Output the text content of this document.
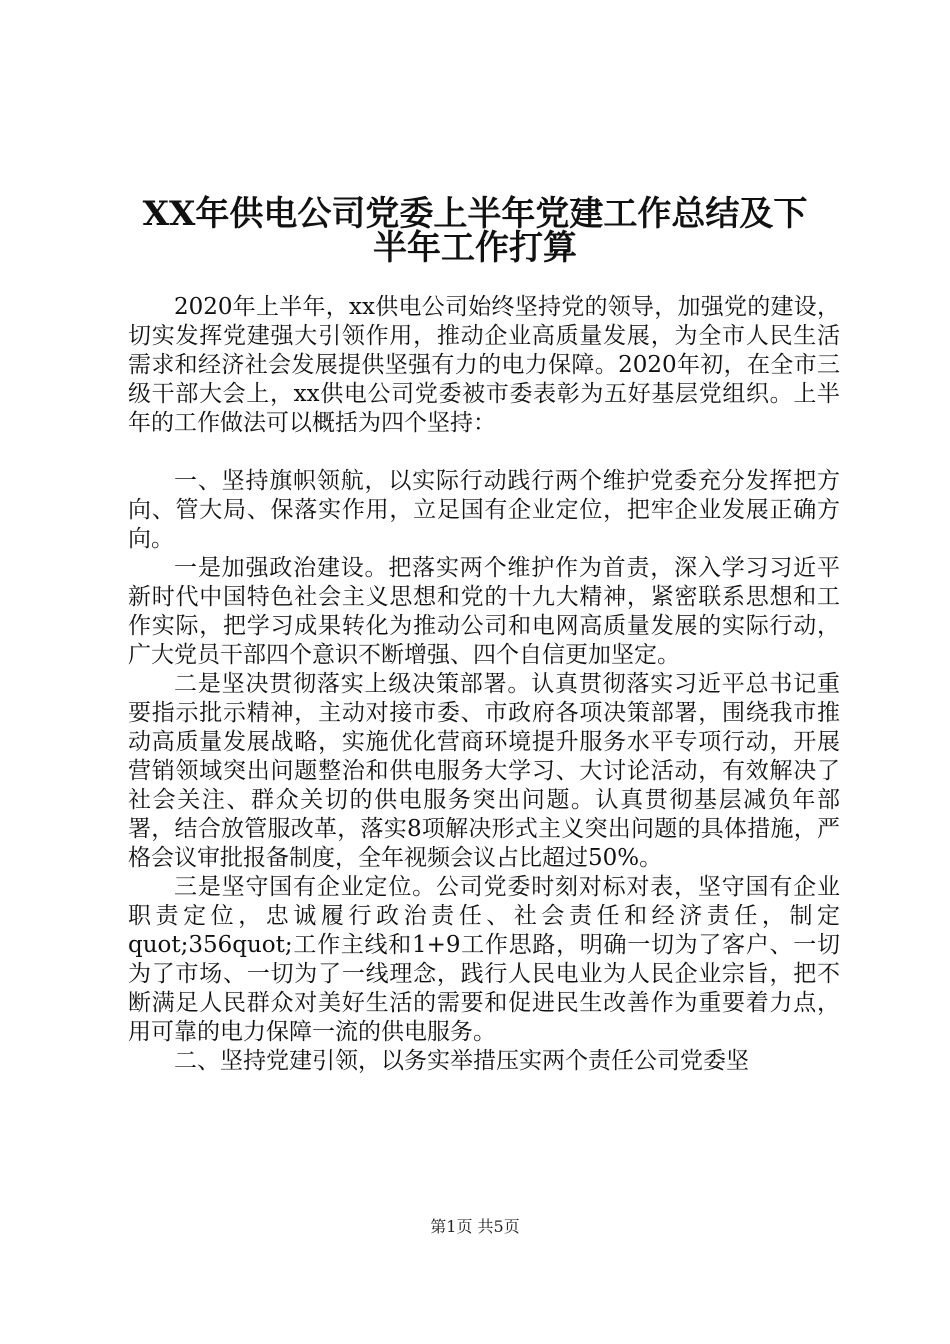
XX年供电公司党委上半年党建工作总结及下
半年工作打算

2020年上半年，xx供电公司始终坚持党的领导，加强党的建设，切实发挥党建强大引领作用，推动企业高质量发展，为全市人民生活需求和经济社会发展提供坚强有力的电力保障。2020年初，在全市三级干部大会上，xx供电公司党委被市委表彰为五好基层党组织。上半年的工作做法可以概括为四个坚持：

一、坚持旗帜领航，以实际行动践行两个维护党委充分发挥把方向、管大局、保落实作用，立足国有企业定位，把牢企业发展正确方向。

一是加强政治建设。把落实两个维护作为首责，深入学习习近平新时代中国特色社会主义思想和党的十九大精神，紧密联系思想和工作实际，把学习成果转化为推动公司和电网高质量发展的实际行动，广大党员干部四个意识不断增强、四个自信更加坚定。

二是坚决贯彻落实上级决策部署。认真贯彻落实习近平总书记重要指示批示精神，主动对接市委、市政府各项决策部署，围绕我市推动高质量发展战略，实施优化营商环境提升服务水平专项行动，开展营销领域突出问题整治和供电服务大学习、大讨论活动，有效解决了社会关注、群众关切的供电服务突出问题。认真贯彻基层减负年部署，结合放管服改革，落实8项解决形式主义突出问题的具体措施，严格会议审批报备制度，全年视频会议占比超过50%。

三是坚守国有企业定位。公司党委时刻对标对表，坚守国有企业职责定位，忠诚履行政治责任、社会责任和经济责任，制定quot;356quot;工作主线和1+9工作思路，明确一切为了客户、一切为了市场、一切为了一线理念，践行人民电业为人民企业宗旨，把不断满足人民群众对美好生活的需要和促进民生改善作为重要着力点，用可靠的电力保障一流的供电服务。

二、坚持党建引领，以务实举措压实两个责任公司党委坚

第1页 共5页
